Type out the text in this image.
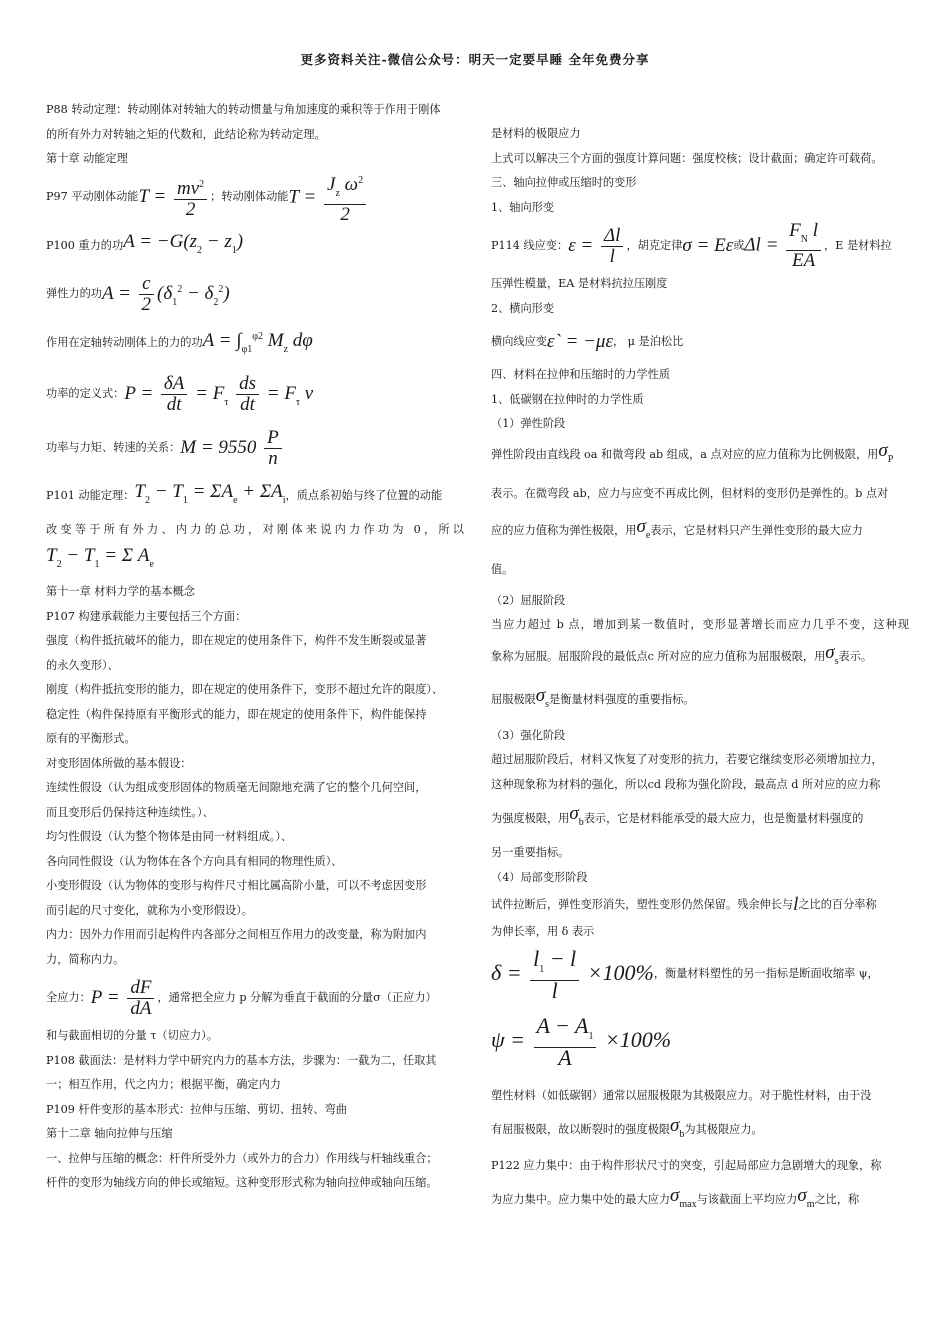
更多资料关注-微信公众号：明天一定要早睡 全年免费分享
P88 转动定理：转动刚体对转轴大的转动惯量与角加速度的乘积等于作用于刚体
的所有外力对转轴之矩的代数和，此结论称为转动定理。
第十章 动能定理
P97 平动刚体动能 $T = \frac{mv^2}{2}$ ；转动刚体动能 $T = \frac{J_z \omega^2}{2}$
P100 重力的功 $A = -G(z_2 - z_1)$
弹性力的功 $A = \frac{c}{2} (\delta_1^2 - \delta_2^2)$
作用在定轴转动刚体上的力的功 $A = \int_{\varphi 1}^{\varphi 2}$ $M_z$ dφ
功率的定义式： $P = \frac{\delta A}{dt} = F_\tau \frac{ds}{dt} = F_\tau$ v
功率与力矩、转速的关系： $M = 9550 \frac{P}{n}$
P101 动能定理： $T_2 - T_1 = \Sigma A_e + \Sigma A_i$ ，质点系初始与终了位置的动能
改变等于所有外力、内力的总功，对刚体来说内力作功为 0，所以
$T_2 - T_1 = \Sigma$ $A_e$
第十一章 材料力学的基本概念
P107 构建承载能力主要包括三个方面：
强度（构件抵抗破坏的能力，即在规定的使用条件下，构件不发生断裂或显著
的永久变形）、
刚度（构件抵抗变形的能力，即在规定的使用条件下，变形不超过允许的限度）、
稳定性（构件保持原有平衡形式的能力，即在规定的使用条件下，构件能保持
原有的平衡形式。
对变形固体所做的基本假设：
连续性假设（认为组成变形固体的物质毫无间隙地充满了它的整个几何空间，
而且变形后仍保持这种连续性。）、
均匀性假设（认为整个物体是由同一材料组成。）、
各向同性假设（认为物体在各个方向具有相同的物理性质）、
小变形假设（认为物体的变形与构件尺寸相比属高阶小量，可以不考虑因变形
而引起的尺寸变化，就称为小变形假设）。
内力：因外力作用而引起构件内各部分之间相互作用力的改变量，称为附加内
力，简称内力。
全应力： $P = \frac{dF}{dA}$ ，通常把全应力 p 分解为垂直于截面的分量σ（正应力）
和与截面相切的分量 τ（切应力）。
P108 截面法：是材料力学中研究内力的基本方法，步骤为：一截为二，任取其
一；相互作用，代之内力；根据平衡，确定内力
P109 杆件变形的基本形式：拉伸与压缩、剪切、扭转、弯曲
第十二章 轴向拉伸与压缩
一、拉伸与压缩的概念：杆件所受外力（或外力的合力）作用线与杆轴线重合；
杆件的变形为轴线方向的伸长或缩短。这种变形形式称为轴向拉伸或轴向压缩。
是材料的极限应力
上式可以解决三个方面的强度计算问题：强度校核；设计截面；确定许可载荷。
三、轴向拉伸或压缩时的变形
1、轴向形变
P114 线应变： $\varepsilon = \frac{\Delta l}{l}$ ，胡克定律 σ = Eε 或 $\Delta l = \frac{F_N l}{EA}$ ，E 是材料拉
压弹性模量，EA 是材料抗拉压刚度
2、横向形变
横向线应变 ε` = −με ， μ 是泊松比
四、材料在拉伸和压缩时的力学性质
1、低碳钢在拉伸时的力学性质
（1）弹性阶段
弹性阶段由直线段 oa 和微弯段 ab 组成，a 点对应的应力值称为比例极限，用 $\sigma_P$
表示。在微弯段 ab，应力与应变不再成比例，但材料的变形仍是弹性的。b 点对
应的应力值称为弹性极限，用 $\sigma_e$ 表示，它是材料只产生弹性变形的最大应力
值。
（2）屈服阶段
当应力超过 b 点，增加到某一数值时，变形显著增长而应力几乎不变，这种现
象称为屈服。屈服阶段的最低点c 所对应的应力值称为屈服极限，用 $\sigma_s$ 表示。
屈服极限 $\sigma_s$ 是衡量材料强度的重要指标。
（3）强化阶段
超过屈服阶段后，材料又恢复了对变形的抗力，若要它继续变形必须增加拉力，
这种现象称为材料的强化，所以cd 段称为强化阶段，最高点 d 所对应的应力称
为强度极限，用 $\sigma_b$ 表示，它是材料能承受的最大应力，也是衡量材料强度的
另一重要指标。
（4）局部变形阶段
试件拉断后，弹性变形消失，塑性变形仍然保留。残余伸长与 l 之比的百分率称
为伸长率，用 δ 表示
$\delta = \frac{l_1 - l}{l} \times 100\%$ ，衡量材料塑性的另一指标是断面收缩率 ψ，
$\psi = \frac{A - A_1}{A} \times 100\%$
塑性材料（如低碳钢）通常以屈服极限为其极限应力。对于脆性材料，由于没
有屈服极限，故以断裂时的强度极限 $\sigma_b$ 为其极限应力。
P122 应力集中：由于构件形状尺寸的突变，引起局部应力急剧增大的现象，称
为应力集中。应力集中处的最大应力 $\sigma_{max}$ 与该截面上平均应力 $\sigma_m$ 之比，称
